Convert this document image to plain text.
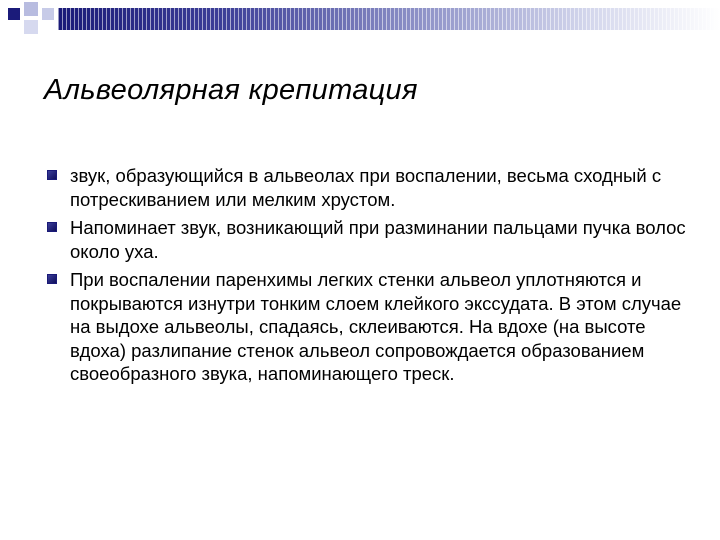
Альвеолярная крепитация
звук, образующийся в альвеолах при воспалении, весьма сходный с потрескиванием или мелким хрустом.
Напоминает звук, возникающий при разминании пальцами пучка волос около уха.
При воспалении паренхимы легких стенки альвеол уплотняются и покрываются изнутри тонким слоем клейкого экссудата. В этом случае на выдохе альвеолы, спадаясь, склеиваются. На вдохе (на высоте вдоха) разлипание стенок альвеол сопровождается образованием своеобразного звука, напоминающего треск.
